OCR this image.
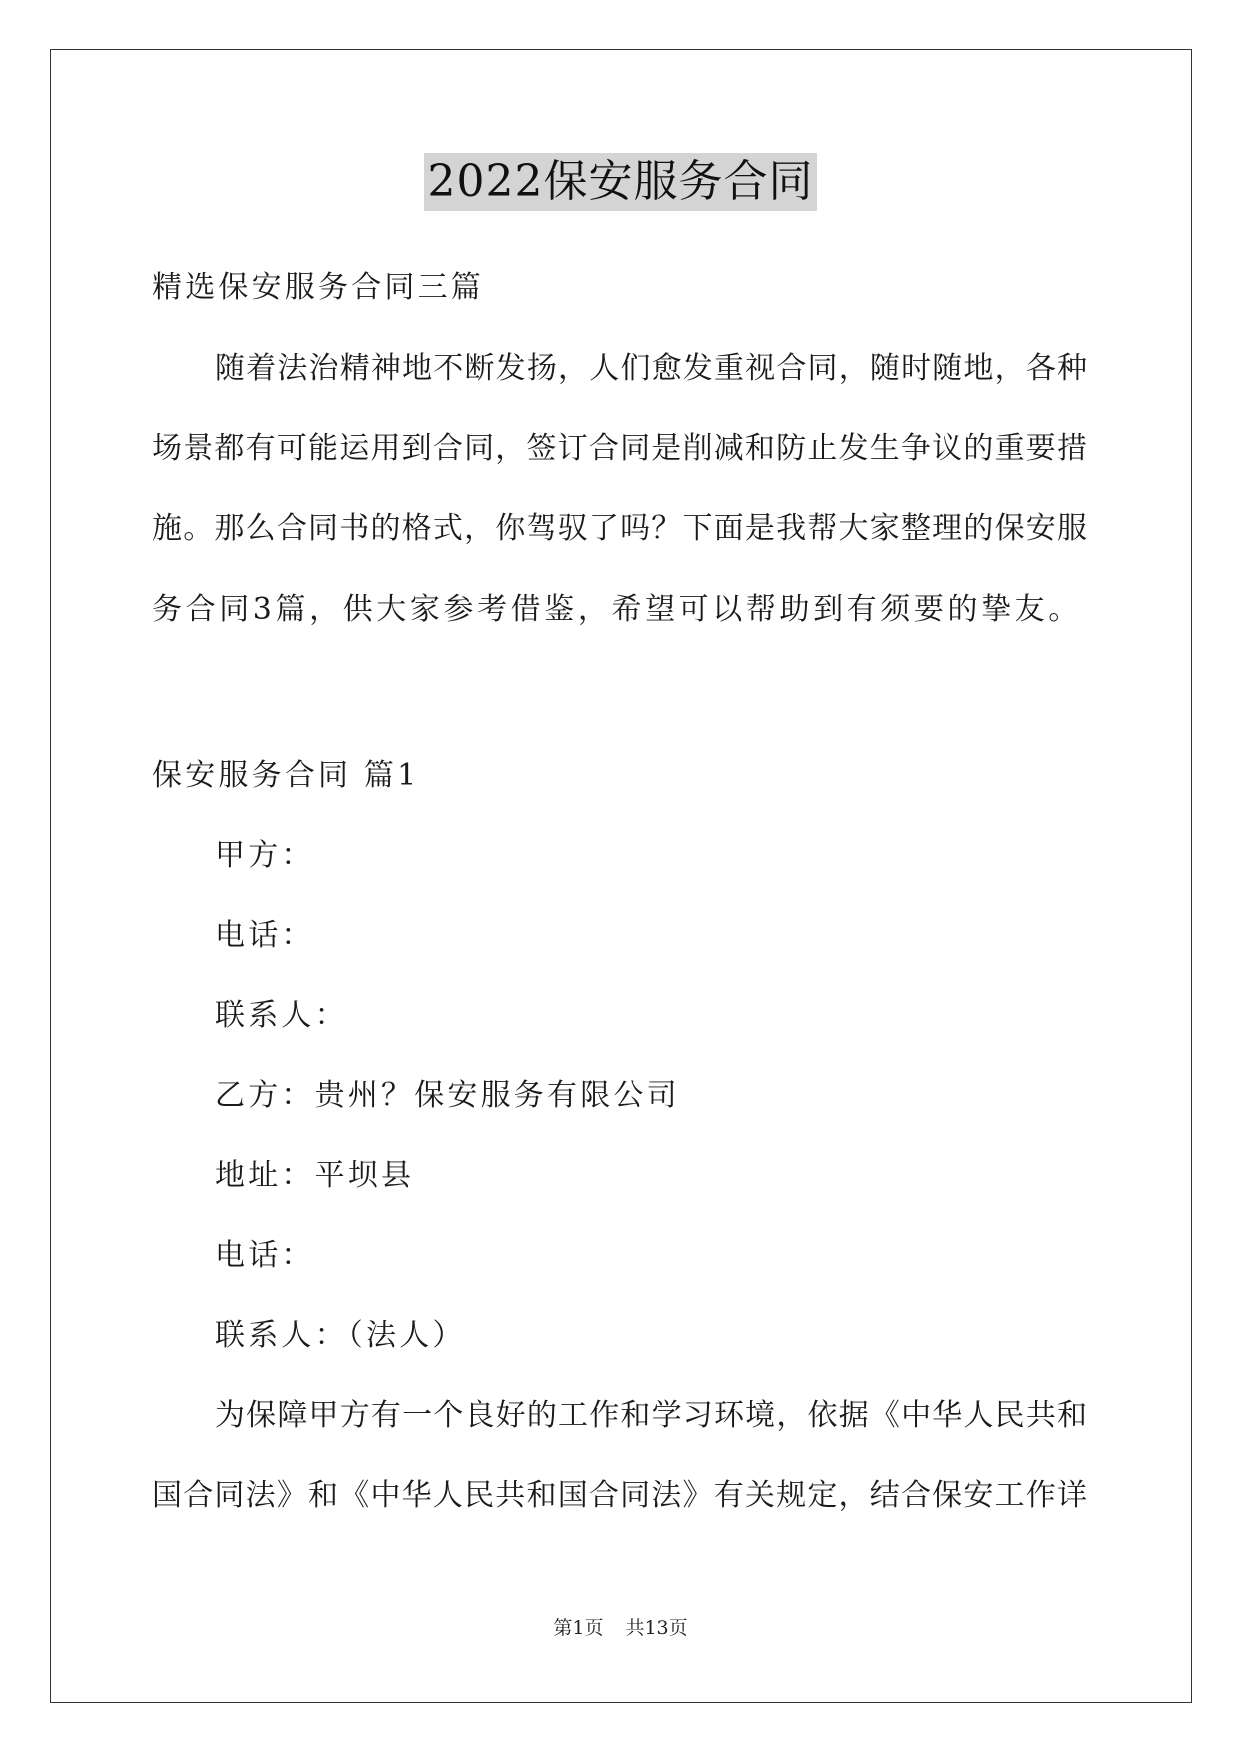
2022保安服务合同
精选保安服务合同三篇
随着法治精神地不断发扬，人们愈发重视合同，随时随地，各种
场景都有可能运用到合同，签订合同是削减和防止发生争议的重要措
施。那么合同书的格式，你驾驭了吗？下面是我帮大家整理的保安服
务合同3篇，供大家参考借鉴，希望可以帮助到有须要的挚友。
保安服务合同 篇1
甲方：
电话：
联系人：
乙方：贵州？保安服务有限公司
地址：平坝县
电话：
联系人：（法人）
为保障甲方有一个良好的工作和学习环境，依据《中华人民共和
国合同法》和《中华人民共和国合同法》有关规定，结合保安工作详
第1页 共13页
